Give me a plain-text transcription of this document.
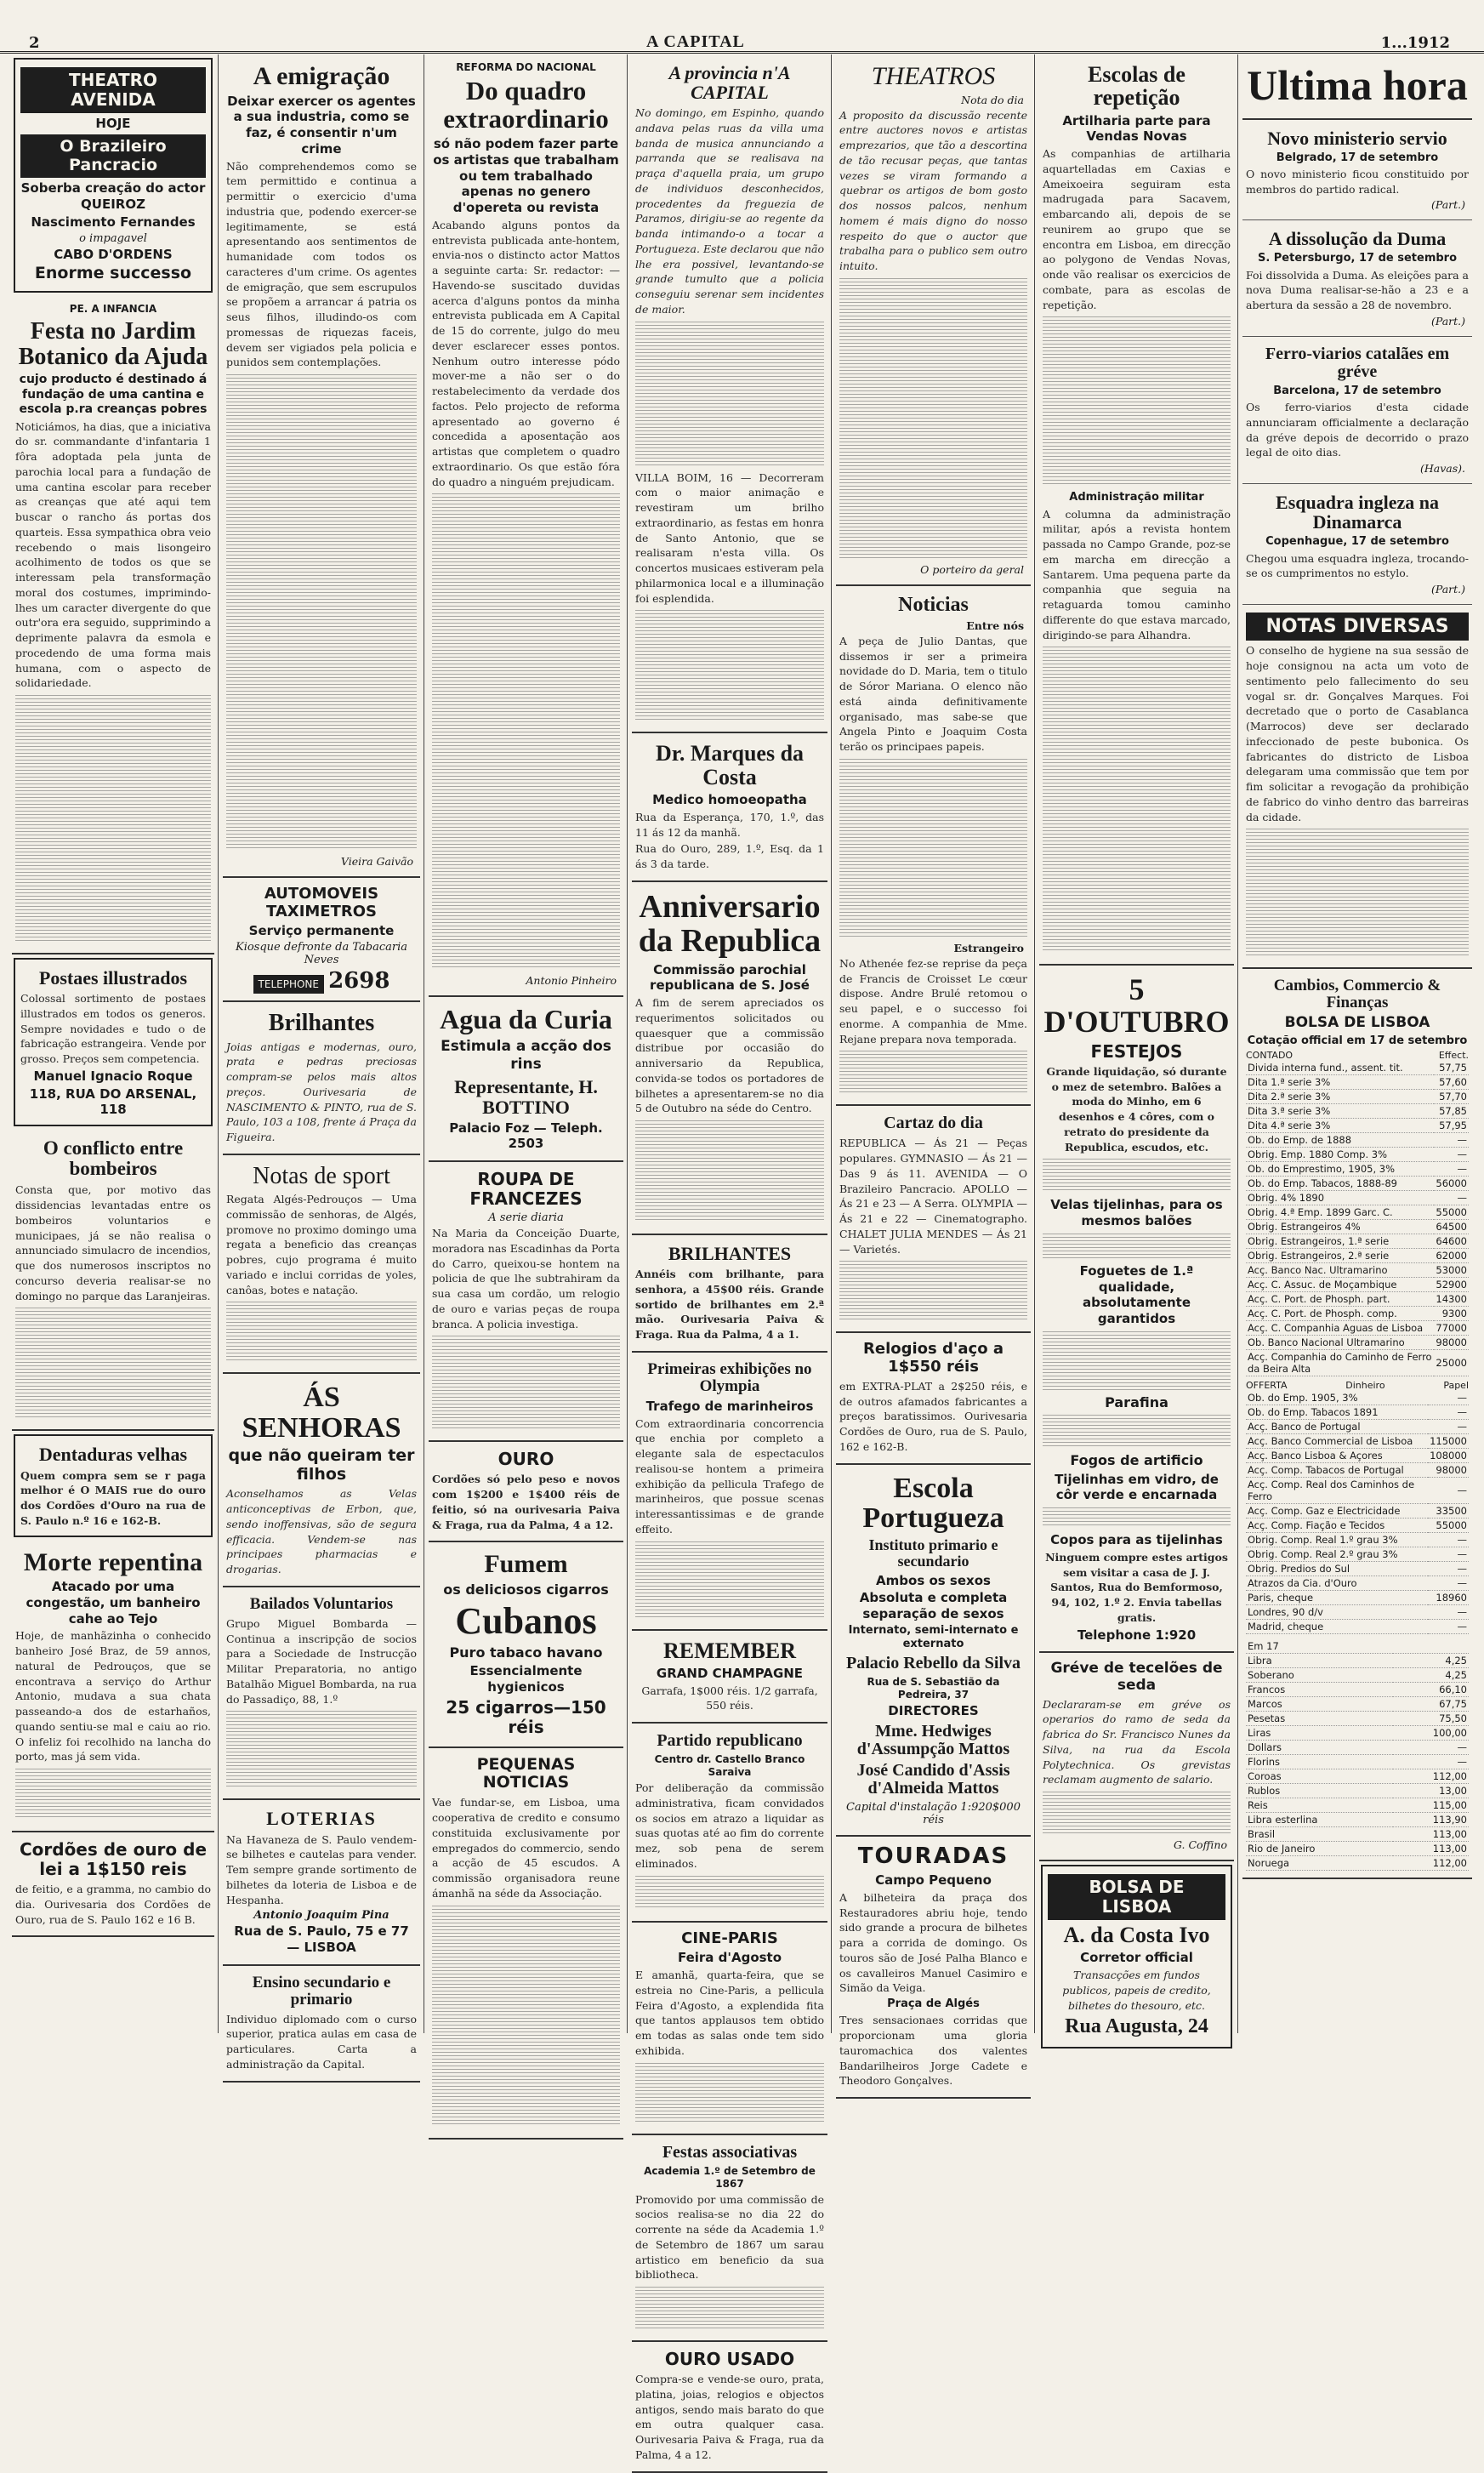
2	A CAPITAL	1...1912
THEATRO AVENIDA
HOJE
O Brazileiro Pancracio
Soberba creação do actor QUEIROZ
Nascimento Fernandes
o impagavel
CABO D'ORDENS
Enorme successo
PE. A INFANCIA
Festa no Jardim Botanico da Ajuda
cujo producto é destinado á fundação de uma cantina e escola p.ra creanças pobres

Noticiámos, ha dias, que a iniciativa do sr. commandante d'infantaria 1 fôra adoptada pela junta de parochia local para a fundação de uma cantina escolar para receber as creanças que até aqui tem buscar o rancho ás portas dos quarteis. Essa sympathica obra veio recebendo o mais lisongeiro acolhimento de todos os que se interessam pela transformação moral dos costumes, imprimindo-lhes um caracter divergente do que outr'ora era seguido, supprimindo a deprimente palavra da esmola e procedendo de uma forma mais humana, com o aspecto de solidariedade.

Postaes illustrados

Colossal sortimento de postaes illustrados em todos os generos. Sempre novidades e tudo o de fabricação estrangeira. Vende por grosso. Preços sem competencia.

Manuel Ignacio Roque
118, RUA DO ARSENAL, 118
O conflicto entre bombeiros

Consta que, por motivo das dissidencias levantadas entre os bombeiros voluntarios e municipaes, já se não realisa o annunciado simulacro de incendios, que dos numerosos inscriptos no concurso deveria realisar-se no domingo no parque das Laranjeiras.

Dentaduras velhas

Quem compra sem se r paga melhor é O MAIS rue do ouro dos Cordões d'Ouro na rua de S. Paulo n.º 16 e 162-B.

Morte repentina
Atacado por uma congestão, um banheiro cahe ao Tejo

Hoje, de manhãzinha o conhecido banheiro José Braz, de 59 annos, natural de Pedrouços, que se encontrava a serviço do Arthur Antonio, mudava a sua chata passeando-a dos de estarhaños, quando sentiu-se mal e caiu ao rio. O infeliz foi recolhido na lancha do porto, mas já sem vida.

Cordões de ouro de lei a 1$150 reis

de feitio, e a gramma, no cambio do dia. Ourivesaria dos Cordões de Ouro, rua de S. Paulo 162 e 16 B.

A emigração
Deixar exercer os agentes a sua industria, como se faz, é consentir n'um crime

Não comprehendemos como se tem permittido e continua a permittir o exercicio d'uma industria que, podendo exercer-se legitimamente, se está apresentando aos sentimentos de humanidade com todos os caracteres d'um crime. Os agentes de emigração, que sem escrupulos se propõem a arrancar á patria os seus filhos, illudindo-os com promessas de riquezas faceis, devem ser vigiados pela policia e punidos sem contemplações.

Vieira Gaivão
AUTOMOVEIS TAXIMETROS
Serviço permanente
Kiosque defronte da Tabacaria Neves
TELEPHONE 2698
Brilhantes

Joias antigas e modernas, ouro, prata e pedras preciosas compram-se pelos mais altos preços. Ourivesaria de NASCIMENTO & PINTO, rua de S. Paulo, 103 a 108, frente á Praça da Figueira.

Notas de sport

Regata Algés-Pedrouços — Uma commissão de senhoras, de Algés, promove no proximo domingo uma regata a beneficio das creanças pobres, cujo programa é muito variado e inclui corridas de yoles, canôas, botes e natação.

ÁS SENHORAS
que não queiram ter filhos

Aconselhamos as Velas anticonceptivas de Erbon, que, sendo inoffensivas, são de segura efficacia. Vendem-se nas principaes pharmacias e drogarias.

Bailados Voluntarios

Grupo Miguel Bombarda — Continua a inscripção de socios para a Sociedade de Instrucção Militar Preparatoria, no antigo Batalhão Miguel Bombarda, na rua do Passadiço, 88, 1.º

LOTERIAS

Na Havaneza de S. Paulo vendem-se bilhetes e cautelas para vender. Tem sempre grande sortimento de bilhetes da loteria de Lisboa e de Hespanha.

Antonio Joaquim Pina
Rua de S. Paulo, 75 e 77 — LISBOA
Ensino secundario e primario

Individuo diplomado com o curso superior, pratica aulas em casa de particulares. Carta a administração da Capital.

REFORMA DO NACIONAL
Do quadro extraordinario
só não podem fazer parte os artistas que trabalham ou tem trabalhado apenas no genero d'opereta ou revista

Acabando alguns pontos da entrevista publicada ante-hontem, envia-nos o distincto actor Mattos a seguinte carta: Sr. redactor: — Havendo-se suscitado duvidas acerca d'alguns pontos da minha entrevista publicada em A Capital de 15 do corrente, julgo do meu dever esclarecer esses pontos. Nenhum outro interesse pódo mover-me a não ser o do restabelecimento da verdade dos factos. Pelo projecto de reforma apresentado ao governo é concedida a aposentação aos artistas que completem o quadro extraordinario. Os que estão fóra do quadro a ninguém prejudicam.

Antonio Pinheiro
Agua da Curia
Estimula a acção dos rins
Representante, H. BOTTINO
Palacio Foz — Teleph. 2503
ROUPA DE FRANCEZES
A serie diaria

Na Maria da Conceição Duarte, moradora nas Escadinhas da Porta do Carro, queixou-se hontem na policia de que lhe subtrahiram da sua casa um cordão, um relogio de ouro e varias peças de roupa branca. A policia investiga.

OURO

Cordões só pelo peso e novos com 1$200 e 1$400 réis de feitio, só na ourivesaria Paiva & Fraga, rua da Palma, 4 a 12.

Fumem
os deliciosos cigarros
Cubanos
Puro tabaco havano
Essencialmente hygienicos
25 cigarros—150 réis
PEQUENAS NOTICIAS

Vae fundar-se, em Lisboa, uma cooperativa de credito e consumo constituida exclusivamente por empregados do commercio, sendo a acção de 45 escudos. A commissão organisadora reune ámanhã na séde da Associação.

A provincia n'A CAPITAL

No domingo, em Espinho, quando andava pelas ruas da villa uma banda de musica annunciando a parranda que se realisava na praça d'aquella praia, um grupo de individuos desconhecidos, procedentes da freguezia de Paramos, dirigiu-se ao regente da banda intimando-o a tocar a Portugueza. Este declarou que não lhe era possivel, levantando-se grande tumulto que a policia conseguiu serenar sem incidentes de maior.

VILLA BOIM, 16 — Decorreram com o maior animação e revestiram um brilho extraordinario, as festas em honra de Santo Antonio, que se realisaram n'esta villa. Os concertos musicaes estiveram pela philarmonica local e a illuminação foi esplendida.

Dr. Marques da Costa
Medico homoeopatha

Rua da Esperança, 170, 1.º, das 11 ás 12 da manhã.

Rua do Ouro, 289, 1.º, Esq. da 1 ás 3 da tarde.

Anniversario da Republica
Commissão parochial republicana de S. José

A fim de serem apreciados os requerimentos solicitados ou quaesquer que a commissão distribue por occasião do anniversario da Republica, convida-se todos os portadores de bilhetes a apresentarem-se no dia 5 de Outubro na séde do Centro.

BRILHANTES

Annéis com brilhante, para senhora, a 45$00 réis. Grande sortido de brilhantes em 2.ª mão. Ourivesaria Paiva & Fraga. Rua da Palma, 4 a 1.

Primeiras exhibições no Olympia
Trafego de marinheiros

Com extraordinaria concorrencia que enchia por completo a elegante sala de espectaculos realisou-se hontem a primeira exhibição da pellicula Trafego de marinheiros, que possue scenas interessantissimas e de grande effeito.

REMEMBER
GRAND CHAMPAGNE

Garrafa, 1$000 réis. 1/2 garrafa, 550 réis.

Partido republicano
Centro dr. Castello Branco Saraiva

Por deliberação da commissão administrativa, ficam convidados os socios em atrazo a liquidar as suas quotas até ao fim do corrente mez, sob pena de serem eliminados.

CINE-PARIS
Feira d'Agosto

E amanhã, quarta-feira, que se estreia no Cine-Paris, a pellicula Feira d'Agosto, a explendida fita que tantos applausos tem obtido em todas as salas onde tem sido exhibida.

Festas associativas
Academia 1.º de Setembro de 1867

Promovido por uma commissão de socios realisa-se no dia 22 do corrente na séde da Academia 1.º de Setembro de 1867 um sarau artistico em beneficio da sua bibliotheca.

OURO USADO

Compra-se e vende-se ouro, prata, platina, joias, relogios e objectos antigos, sendo mais barato do que em outra qualquer casa. Ourivesaria Paiva & Fraga, rua da Palma, 4 a 12.

THEATROS
Nota do dia

A proposito da discussão recente entre auctores novos e artistas emprezarios, que tão a descortina de tão recusar peças, que tantas vezes se viram formando a quebrar os artigos de bom gosto dos nossos palcos, nenhum homem é mais digno do nosso respeito do que o auctor que trabalha para o publico sem outro intuito.

O porteiro da geral
Noticias
Entre nós

A peça de Julio Dantas, que dissemos ir ser a primeira novidade do D. Maria, tem o titulo de Sóror Mariana. O elenco não está ainda definitivamente organisado, mas sabe-se que Angela Pinto e Joaquim Costa terão os principaes papeis.

Estrangeiro

No Athenée fez-se reprise da peça de Francis de Croisset Le cœur dispose. Andre Brulé retomou o seu papel, e o successo foi enorme. A companhia de Mme. Rejane prepara nova temporada.

Cartaz do dia

REPUBLICA — Ás 21 — Peças populares. GYMNASIO — Ás 21 — Das 9 ás 11. AVENIDA — O Brazileiro Pancracio. APOLLO — Ás 21 e 23 — A Serra. OLYMPIA — Ás 21 e 22 — Cinematographo. CHALET JULIA MENDES — Ás 21 — Varietés.

Relogios d'aço a 1$550 réis

em EXTRA-PLAT a 2$250 réis, e de outros afamados fabricantes a preços baratissimos. Ourivesaria Cordões de Ouro, rua de S. Paulo, 162 e 162-B.

Escola Portugueza
Instituto primario e secundario
Ambos os sexos
Absoluta e completa separação de sexos
Internato, semi-internato e externato
Palacio Rebello da Silva
Rua de S. Sebastião da Pedreira, 37
DIRECTORES
Mme. Hedwiges d'Assumpção Mattos
José Candido d'Assis d'Almeida Mattos
Capital d'instalação 1:920$000 réis
TOURADAS
Campo Pequeno

A bilheteira da praça dos Restauradores abriu hoje, tendo sido grande a procura de bilhetes para a corrida de domingo. Os touros são de José Palha Blanco e os cavalleiros Manuel Casimiro e Simão da Veiga.

Praça de Algés

Tres sensacionaes corridas que proporcionam uma gloria tauromachica dos valentes Bandarilheiros Jorge Cadete e Theodoro Gonçalves.

Escolas de repetição
Artilharia parte para Vendas Novas

As companhias de artilharia aquartelladas em Caxias e Ameixoeira seguiram esta madrugada para Sacavem, embarcando ali, depois de se reunirem ao grupo que se encontra em Lisboa, em direcção ao polygono de Vendas Novas, onde vão realisar os exercicios de combate, para as escolas de repetição.

Administração militar

A columna da administração militar, após a revista hontem passada no Campo Grande, poz-se em marcha em direcção a Santarem. Uma pequena parte da companhia que seguia na retaguarda tomou caminho differente do que estava marcado, dirigindo-se para Alhandra.

5 D'OUTUBRO
FESTEJOS

Grande liquidação, só durante o mez de setembro. Balões a moda do Minho, em 6 desenhos e 4 côres, com o retrato do presidente da Republica, escudos, etc.

Velas tijelinhas, para os mesmos balões
Foguetes de 1.ª qualidade, absolutamente garantidos
Parafina
Fogos de artificio
Tijelinhas em vidro, de côr verde e encarnada
Copos para as tijelinhas

Ninguem compre estes artigos sem visitar a casa de J. J. Santos, Rua do Bemformoso, 94, 102, 1.º 2. Envia tabellas gratis.

Telephone 1:920
Gréve de tecelões de seda

Declararam-se em gréve os operarios do ramo de seda da fabrica do Sr. Francisco Nunes da Silva, na rua da Escola Polytechnica. Os grevistas reclamam augmento de salario.

G. Coffino
BOLSA DE LISBOA
A. da Costa Ivo
Corretor official

Transacções em fundos publicos, papeis de credito, bilhetes do thesouro, etc.

Rua Augusta, 24
Ultima hora
Novo ministerio servio
Belgrado, 17 de setembro

O novo ministerio ficou constituido por membros do partido radical.

(Part.)
A dissolução da Duma
S. Petersburgo, 17 de setembro

Foi dissolvida a Duma. As eleições para a nova Duma realisar-se-hão a 23 e a abertura da sessão a 28 de novembro.

(Part.)
Ferro-viarios catalães em gréve
Barcelona, 17 de setembro

Os ferro-viarios d'esta cidade annunciaram officialmente a declaração da gréve depois de decorrido o prazo legal de oito dias.

(Havas).
Esquadra ingleza na Dinamarca
Copenhague, 17 de setembro

Chegou uma esquadra ingleza, trocando-se os cumprimentos no estylo.

(Part.)
NOTAS DIVERSAS

O conselho de hygiene na sua sessão de hoje consignou na acta um voto de sentimento pelo fallecimento do seu vogal sr. dr. Gonçalves Marques. Foi decretado que o porto de Casablanca (Marrocos) deve ser declarado infeccionado de peste bubonica. Os fabricantes do districto de Lisboa delegaram uma commissão que tem por fim solicitar a revogação da prohibição de fabrico do vinho dentro das barreiras da cidade.

Cambios, Commercio & Finanças
BOLSA DE LISBOA
Cotação official em 17 de setembro
CONTADO	Effect.
Divida interna fund., assent. tit.	57,75
Dita 1.ª serie 3%	57,60
Dita 2.ª serie 3%	57,70
Dita 3.ª serie 3%	57,85
Dita 4.ª serie 3%	57,95
Ob. do Emp. de 1888	—
Obrig. Emp. 1880 Comp. 3%	—
Ob. do Emprestimo, 1905, 3%	—
Ob. do Emp. Tabacos, 1888-89	56000
Obrig. 4% 1890	—
Obrig. 4.ª Emp. 1899 Garc. C.	55000
Obrig. Estrangeiros 4%	64500
Obrig. Estrangeiros, 1.ª serie	64600
Obrig. Estrangeiros, 2.ª serie	62000
Acç. Banco Nac. Ultramarino	53000
Acç. C. Assuc. de Moçambique	52900
Acç. C. Port. de Phosph. part.	14300
Acç. C. Port. de Phosph. comp.	9300
Acç. C. Companhia Aguas de Lisboa	77000
Ob. Banco Nacional Ultramarino	98000
Acç. Companhia do Caminho de Ferro da Beira Alta	25000
OFFERTA	Dinheiro	Papel
Ob. do Emp. 1905, 3%	—
Ob. do Emp. Tabacos 1891	—
Acç. Banco de Portugal	—
Acç. Banco Commercial de Lisboa	115000
Acç. Banco Lisboa & Açores	108000
Acç. Comp. Tabacos de Portugal	98000
Acç. Comp. Real dos Caminhos de Ferro	—
Acç. Comp. Gaz e Electricidade	33500
Acç. Comp. Fiação e Tecidos	55000
Obrig. Comp. Real 1.º grau 3%	—
Obrig. Comp. Real 2.º grau 3%	—
Obrig. Predios do Sul	—
Atrazos da Cia. d'Ouro	—
Paris, cheque	18960
Londres, 90 d/v	—
Madrid, cheque	—
Em 17	
Libra	4,25
Soberano	4,25
Francos	66,10
Marcos	67,75
Pesetas	75,50
Liras	100,00
Dollars	—
Florins	—
Coroas	112,00
Rublos	13,00
Reis	115,00
Libra esterlina	113,90
Brasil	113,00
Rio de Janeiro	113,00
Noruega	112,00
